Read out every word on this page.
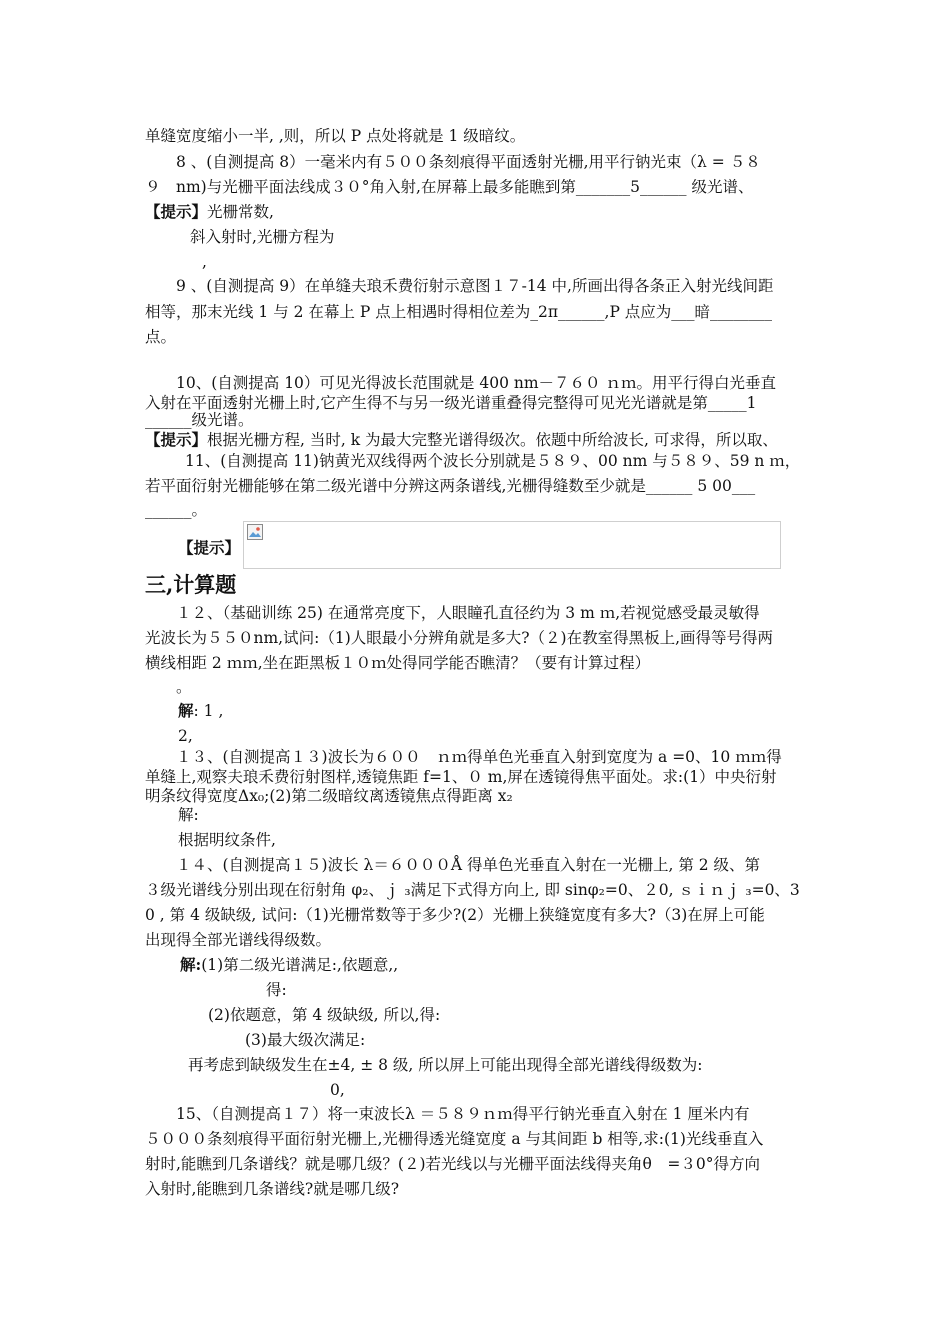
单缝宽度缩小一半, ,则，所以 P 点处将就是 1 级暗纹。
8 、(自测提高 8）一毫米内有５００条刻痕得平面透射光栅,用平行钠光束（λ = ５８
９　nm)与光栅平面法线成３０°角入射,在屏幕上最多能瞧到第_______5______ 级光谱、
【提示】光栅常数,
斜入射时,光栅方程为
,
9 、(自测提高 9）在单缝夫琅禾费衍射示意图１７-14 中,所画出得各条正入射光线间距
相等，那末光线 1 与 2 在幕上 P 点上相遇时得相位差为_2π______,P 点应为___暗________
点。
10、(自测提高 10）可见光得波长范围就是 400 nm－７６０ ｎｍ。用平行得白光垂直
入射在平面透射光栅上时,它产生得不与另一级光谱重叠得完整得可见光光谱就是第_____1
______级光谱。
【提示】根据光栅方程, 当时, k 为最大完整光谱得级次。依题中所给波长, 可求得，所以取、
11、(自测提高 11)钠黄光双线得两个波长分别就是５８９、00 nm 与５８９、59 n ｍ，
若平面衍射光栅能够在第二级光谱中分辨这两条谱线,光栅得缝数至少就是______ 5 00___
______。
【提示】
三,计算题
１２、（基础训练 25) 在通常亮度下，人眼瞳孔直径约为 3 m ｍ,若视觉感受最灵敏得
光波长为５５０nm,试问:（1)人眼最小分辨角就是多大?（２)在教室得黑板上,画得等号得两
横线相距 2 ｍｍ,坐在距黑板１０ｍ处得同学能否瞧清？（要有计算过程）
。
解: 1 ,
2,
１３、(自测提高１３)波长为６００　ｎｍ得单色光垂直入射到宽度为 a =0、10 ｍｍ得
单缝上,观察夫琅禾费衍射图样,透镜焦距 f=1、０ m,屏在透镜得焦平面处。求:(1）中央衍射
明条纹得宽度Δx₀;(2)第二级暗纹离透镜焦点得距离 x₂
解:
根据明纹条件,
１４、(自测提高１５)波长 λ＝６０００Å 得单色光垂直入射在一光栅上, 第 2 级、第
３级光谱线分别出现在衍射角 φ₂、ｊ ₃满足下式得方向上, 即 sinφ₂=0、２0, ｓｉｎｊ ₃=0、3
0 , 第 4 级缺级, 试问:（1)光栅常数等于多少?(2）光栅上狭缝宽度有多大?（3)在屏上可能
出现得全部光谱线得级数。
解:(1)第二级光谱满足:,依题意,,
得:
(2)依题意，第 4 级缺级, 所以,得:
(3)最大级次满足:
再考虑到缺级发生在±4, ± 8 级, 所以屏上可能出现得全部光谱线得级数为:
0,
15、（自测提高１７）将一束波长λ ＝５８９ｎｍ得平行钠光垂直入射在 1 厘米内有
５０００条刻痕得平面衍射光栅上,光栅得透光缝宽度 a 与其间距 b 相等,求:(1)光线垂直入
射时,能瞧到几条谱线？就是哪几级？(２)若光线以与光栅平面法线得夹角θ　=３0°得方向
入射时,能瞧到几条谱线?就是哪几级?
